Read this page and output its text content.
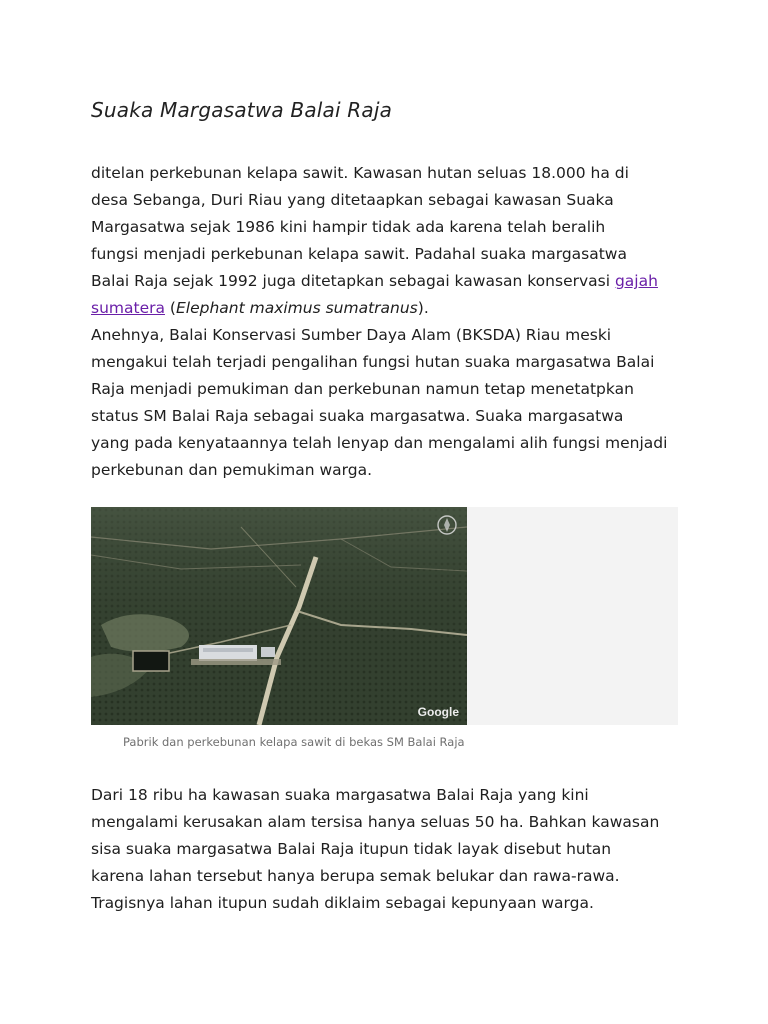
Suaka Margasatwa Balai Raja
ditelan perkebunan kelapa sawit. Kawasan hutan seluas 18.000 ha di
desa Sebanga, Duri Riau yang ditetaapkan sebagai kawasan Suaka
Margasatwa sejak 1986 kini hampir tidak ada karena telah beralih
fungsi menjadi perkebunan kelapa sawit. Padahal suaka margasatwa
Balai Raja sejak 1992 juga ditetapkan sebagai kawasan konservasi gajah
sumatera (Elephant maximus sumatranus).
Anehnya, Balai Konservasi Sumber Daya Alam (BKSDA) Riau meski
mengakui telah terjadi pengalihan fungsi hutan suaka margasatwa Balai
Raja menjadi pemukiman dan perkebunan namun tetap menetatpkan
status SM Balai Raja sebagai suaka margasatwa. Suaka margasatwa
yang pada kenyataannya telah lenyap dan mengalami alih fungsi menjadi
perkebunan dan pemukiman warga.
Google
Pabrik dan perkebunan kelapa sawit di bekas SM Balai Raja
Dari 18 ribu ha kawasan suaka margasatwa Balai Raja yang kini
mengalami kerusakan alam tersisa hanya seluas 50 ha. Bahkan kawasan
sisa suaka margasatwa Balai Raja itupun tidak layak disebut hutan
karena lahan tersebut hanya berupa semak belukar dan rawa-rawa.
Tragisnya lahan itupun sudah diklaim sebagai kepunyaan warga.
